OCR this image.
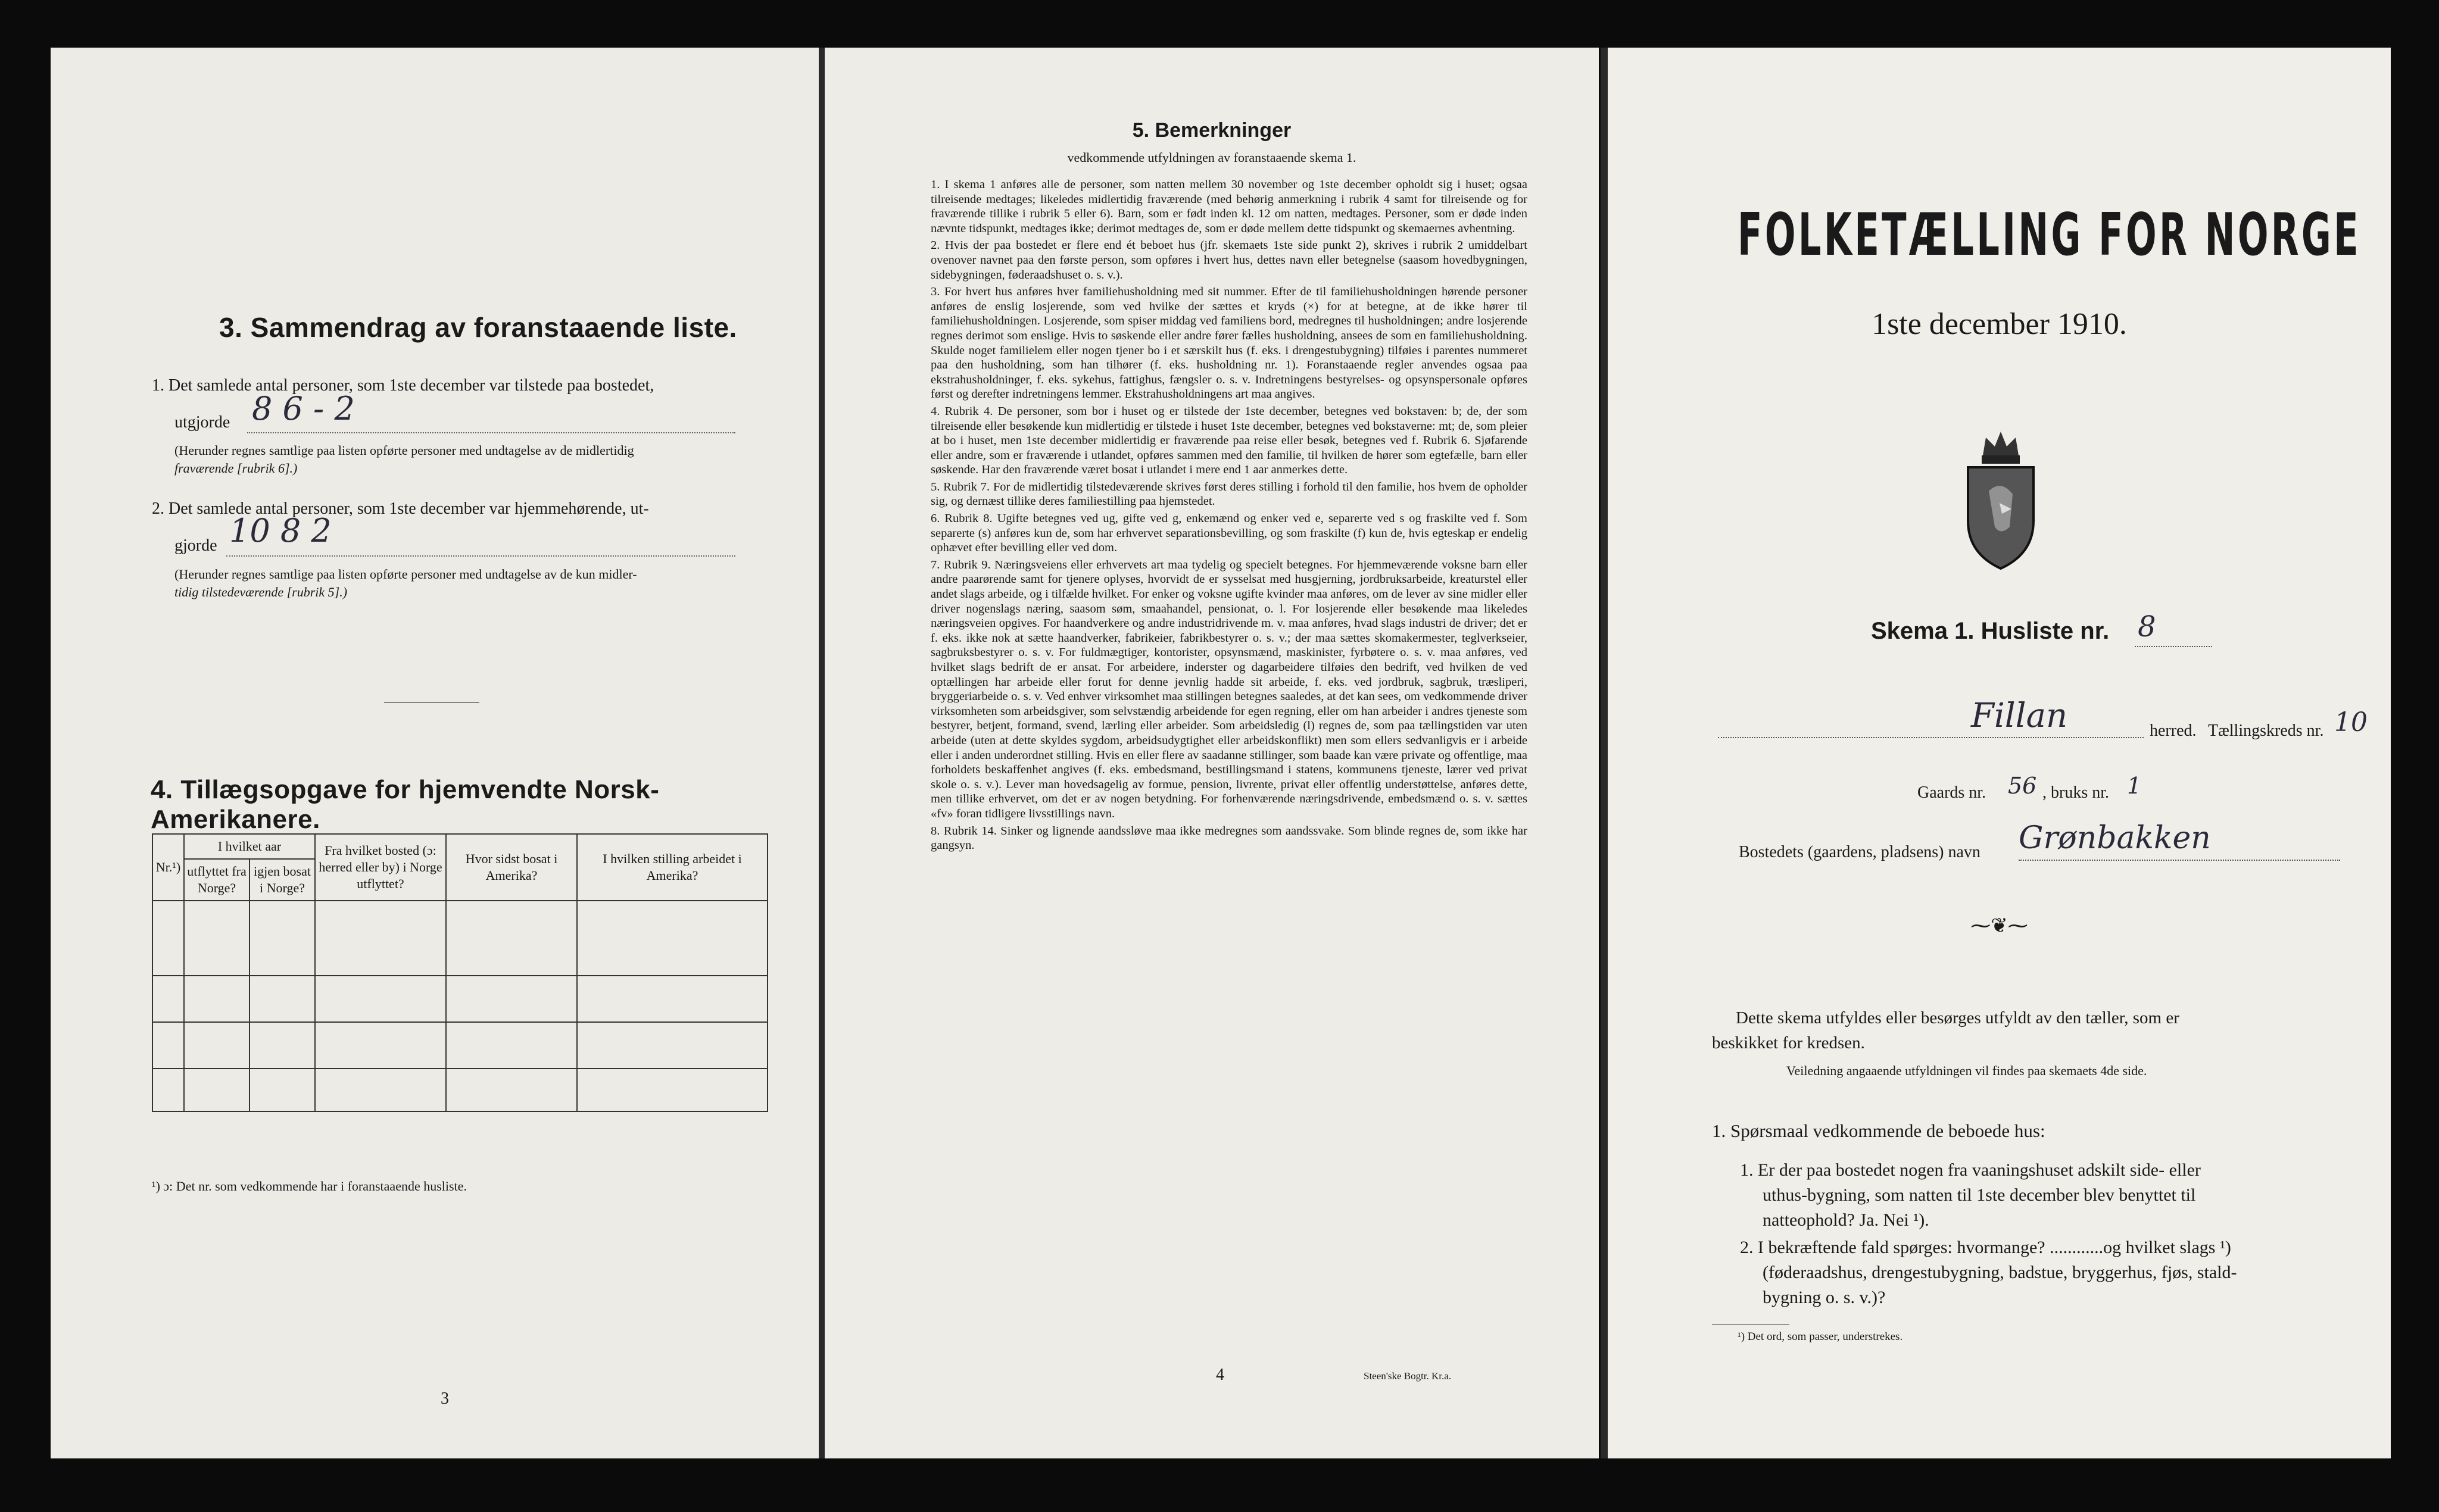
3. Sammendrag av foranstaaende liste.
1. Det samlede antal personer, som 1ste december var tilstede paa bostedet,
utgjorde 8 6 - 2
(Herunder regnes samtlige paa listen opførte personer med undtagelse av de midlertidig
fraværende [rubrik 6].)
2. Det samlede antal personer, som 1ste december var hjemmehørende, ut-
gjorde 10 8 2
(Herunder regnes samtlige paa listen opførte personer med undtagelse av de kun midler-
tidig tilstedeværende [rubrik 5].)
4. Tillægsopgave for hjemvendte Norsk-Amerikanere.
Nr.¹)	I hvilket aar		Fra hvilket bosted (ɔ: herred eller by) i Norge utflyttet?	Hvor sidst bosat i Amerika?	I hvilken stilling arbeidet i Amerika?
	utflyttet fra Norge?	igjen bosat i Norge?			

¹) ɔ: Det nr. som vedkommende har i foranstaaende husliste.
3
5. Bemerkninger
vedkommende utfyldningen av foranstaaende skema 1.

1. I skema 1 anføres alle de personer, som natten mellem 30 november og 1ste december opholdt sig i huset; ogsaa tilreisende medtages; likeledes midlertidig fraværende (med behørig anmerkning i rubrik 4 samt for tilreisende og for fraværende tillike i rubrik 5 eller 6). Barn, som er født inden kl. 12 om natten, medtages. Personer, som er døde inden nævnte tidspunkt, medtages ikke; derimot medtages de, som er døde mellem dette tidspunkt og skemaernes avhentning.

2. Hvis der paa bostedet er flere end ét beboet hus (jfr. skemaets 1ste side punkt 2), skrives i rubrik 2 umiddelbart ovenover navnet paa den første person, som opføres i hvert hus, dettes navn eller betegnelse (saasom hovedbygningen, sidebygningen, føderaadshuset o. s. v.).

3. For hvert hus anføres hver familiehusholdning med sit nummer. Efter de til familiehusholdningen hørende personer anføres de enslig losjerende, som ved hvilke der sættes et kryds (×) for at betegne, at de ikke hører til familiehusholdningen. Losjerende, som spiser middag ved familiens bord, medregnes til husholdningen; andre losjerende regnes derimot som enslige. Hvis to søskende eller andre fører fælles husholdning, ansees de som en familiehusholdning. Skulde noget familielem eller nogen tjener bo i et særskilt hus (f. eks. i drengestubygning) tilføies i parentes nummeret paa den husholdning, som han tilhører (f. eks. husholdning nr. 1). Foranstaaende regler anvendes ogsaa paa ekstrahusholdninger, f. eks. sykehus, fattighus, fængsler o. s. v. Indretningens bestyrelses- og opsynspersonale opføres først og derefter indretningens lemmer. Ekstrahusholdningens art maa angives.

4. Rubrik 4. De personer, som bor i huset og er tilstede der 1ste december, betegnes ved bokstaven: b; de, der som tilreisende eller besøkende kun midlertidig er tilstede i huset 1ste december, betegnes ved bokstaverne: mt; de, som pleier at bo i huset, men 1ste december midlertidig er fraværende paa reise eller besøk, betegnes ved f. Rubrik 6. Sjøfarende eller andre, som er fraværende i utlandet, opføres sammen med den familie, til hvilken de hører som egtefælle, barn eller søskende. Har den fraværende været bosat i utlandet i mere end 1 aar anmerkes dette.

5. Rubrik 7. For de midlertidig tilstedeværende skrives først deres stilling i forhold til den familie, hos hvem de opholder sig, og dernæst tillike deres familiestilling paa hjemstedet.

6. Rubrik 8. Ugifte betegnes ved ug, gifte ved g, enkemænd og enker ved e, separerte ved s og fraskilte ved f. Som separerte (s) anføres kun de, som har erhvervet separationsbevilling, og som fraskilte (f) kun de, hvis egteskap er endelig ophævet efter bevilling eller ved dom.

7. Rubrik 9. Næringsveiens eller erhvervets art maa tydelig og specielt betegnes. For hjemmeværende voksne barn eller andre paarørende samt for tjenere oplyses, hvorvidt de er sysselsat med husgjerning, jordbruksarbeide, kreaturstel eller andet slags arbeide, og i tilfælde hvilket. For enker og voksne ugifte kvinder maa anføres, om de lever av sine midler eller driver nogenslags næring, saasom søm, smaahandel, pensionat, o. l. For losjerende eller besøkende maa likeledes næringsveien opgives. For haandverkere og andre industridrivende m. v. maa anføres, hvad slags industri de driver; det er f. eks. ikke nok at sætte haandverker, fabrikeier, fabrikbestyrer o. s. v.; der maa sættes skomakermester, teglverkseier, sagbruksbestyrer o. s. v. For fuldmægtiger, kontorister, opsynsmænd, maskinister, fyrbøtere o. s. v. maa anføres, ved hvilket slags bedrift de er ansat. For arbeidere, inderster og dagarbeidere tilføies den bedrift, ved hvilken de ved optællingen har arbeide eller forut for denne jevnlig hadde sit arbeide, f. eks. ved jordbruk, sagbruk, træsliperi, bryggeriarbeide o. s. v. Ved enhver virksomhet maa stillingen betegnes saaledes, at det kan sees, om vedkommende driver virksomheten som arbeidsgiver, som selvstændig arbeidende for egen regning, eller om han arbeider i andres tjeneste som bestyrer, betjent, formand, svend, lærling eller arbeider. Som arbeidsledig (l) regnes de, som paa tællingstiden var uten arbeide (uten at dette skyldes sygdom, arbeidsudygtighet eller arbeidskonflikt) men som ellers sedvanligvis er i arbeide eller i anden underordnet stilling. Hvis en eller flere av saadanne stillinger, som baade kan være private og offentlige, maa forholdets beskaffenhet angives (f. eks. embedsmand, bestillingsmand i statens, kommunens tjeneste, lærer ved privat skole o. s. v.). Lever man hovedsagelig av formue, pension, livrente, privat eller offentlig understøttelse, anføres dette, men tillike erhvervet, om det er av nogen betydning. For forhenværende næringsdrivende, embedsmænd o. s. v. sættes «fv» foran tidligere livsstillings navn.

8. Rubrik 14. Sinker og lignende aandssløve maa ikke medregnes som aandssvake. Som blinde regnes de, som ikke har gangsyn.

4	Steen'ske Bogtr. Kr.a.
FOLKETÆLLING FOR NORGE
1ste december 1910.
Skema 1. Husliste nr. 8
Fillan	herred. Tællingskreds nr. 10
Gaards nr. 56 , bruks nr. 1
Bostedets (gaardens, pladsens) navn Grønbakken
⁓❦⁓
Dette skema utfyldes eller besørges utfyldt av den tæller, som er
beskikket for kredsen.
Veiledning angaaende utfyldningen vil findes paa skemaets 4de side.
1. Spørsmaal vedkommende de beboede hus:
1. Er der paa bostedet nogen fra vaaningshuset adskilt side- eller
uthus-bygning, som natten til 1ste december blev benyttet til
natteophold? Ja. Nei ¹).
2. I bekræftende fald spørges: hvormange? ............og hvilket slags ¹)
(føderaadshus, drengestubygning, badstue, bryggerhus, fjøs, stald-
bygning o. s. v.)?
¹) Det ord, som passer, understrekes.
